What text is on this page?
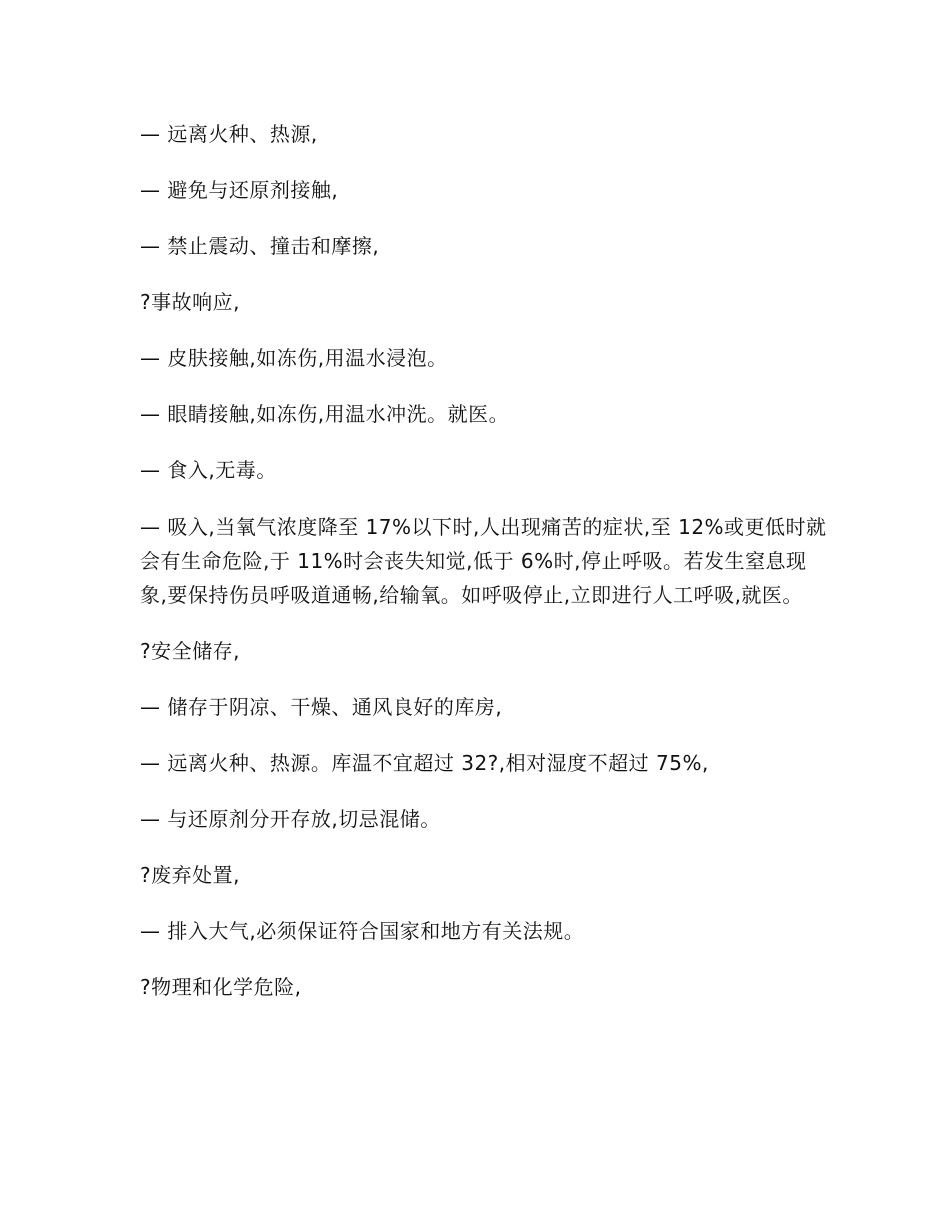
— 远离火种、热源,

— 避免与还原剂接触,

— 禁止震动、撞击和摩擦,

?事故响应,

— 皮肤接触,如冻伤,用温水浸泡。

— 眼睛接触,如冻伤,用温水冲洗。就医。

— 食入,无毒。

— 吸入,当氧气浓度降至 17%以下时,人出现痛苦的症状,至 12%或更低时就会有生命危险,于 11%时会丧失知觉,低于 6%时,停止呼吸。若发生窒息现象,要保持伤员呼吸道通畅,给输氧。如呼吸停止,立即进行人工呼吸,就医。

?安全储存,

— 储存于阴凉、干燥、通风良好的库房,

— 远离火种、热源。库温不宜超过 32?,相对湿度不超过 75%,

— 与还原剂分开存放,切忌混储。

?废弃处置,

— 排入大气,必须保证符合国家和地方有关法规。

?物理和化学危险,
